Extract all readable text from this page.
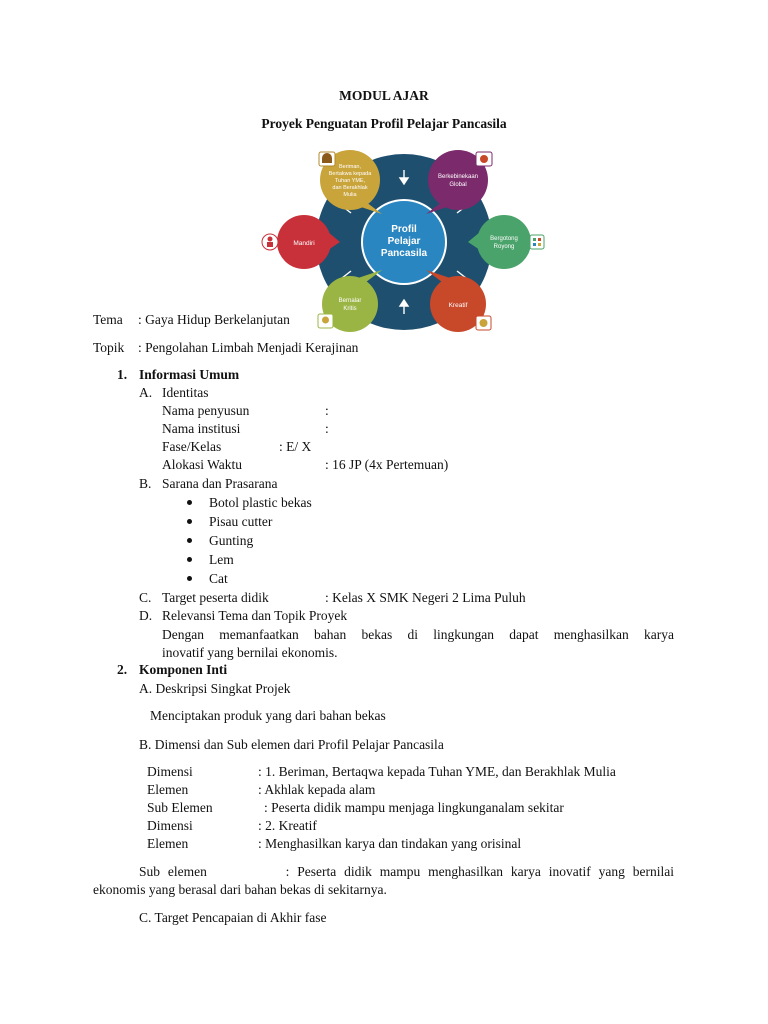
MODUL AJAR
Proyek Penguatan Profil Pelajar Pancasila
Profil
Pelajar
Pancasila
Beriman,
Bertakwa kepada
Tuhan YME,
dan Berakhlak
Mulia
Berkebinekaan
Global
Mandiri
Bergotong
Royong
Bernalar
Kritis	Kreatif
Tema : Gaya Hidup Berkelanjutan
Topik : Pengolahan Limbah Menjadi Kerajinan
1. Informasi Umum
A. Identitas
Nama penyusun	:
Nama institusi	:
Fase/Kelas	: E/ X
Alokasi Waktu	: 16 JP (4x Pertemuan)
B. Sarana dan Prasarana
Botol plastic bekas
Pisau cutter
Gunting
Lem
Cat
C. Target peserta didik	: Kelas X SMK Negeri 2 Lima Puluh
D. Relevansi Tema dan Topik Proyek
Dengan memanfaatkan bahan bekas di lingkungan dapat menghasilkan karya
inovatif yang bernilai ekonomis.
2. Komponen Inti
A. Deskripsi Singkat Projek
Menciptakan produk yang dari bahan bekas
B. Dimensi dan Sub elemen dari Profil Pelajar Pancasila
Dimensi	: 1. Beriman, Bertaqwa kepada Tuhan YME, dan Berakhlak Mulia
Elemen	: Akhlak kepada alam
Sub Elemen	: Peserta didik mampu menjaga lingkunganalam sekitar
Dimensi	: 2. Kreatif
Elemen	: Menghasilkan karya dan tindakan yang orisinal
Sub elemen          : Peserta didik mampu menghasilkan karya inovatif yang bernilai
ekonomis yang berasal dari bahan bekas di sekitarnya.
C. Target Pencapaian di Akhir fase
